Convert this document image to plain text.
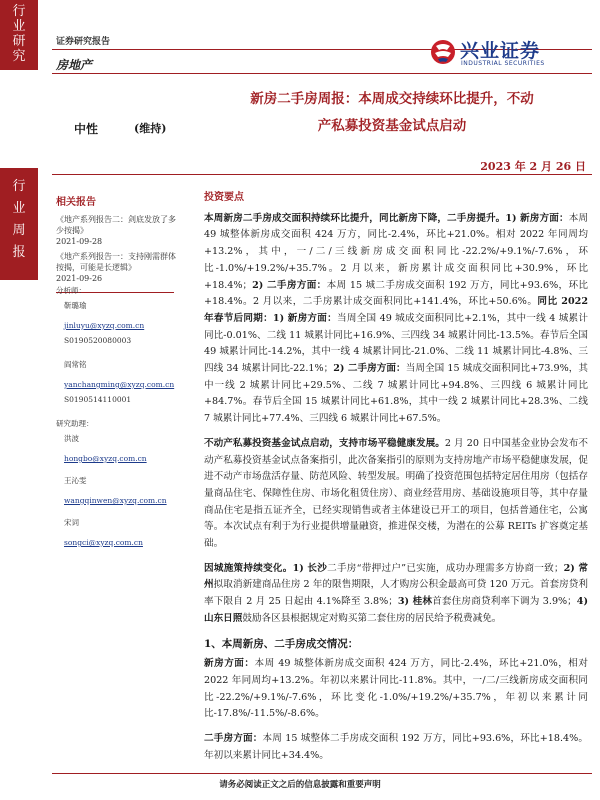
行
业
研
究
行
业
周
报
证券研究报告
房地产
兴业证券
INDUSTRIAL SECURITIES
中性	(维持)
新房二手房周报：本周成交持续环比提升，不动
产私募投资基金试点启动
2023 年 2 月 26 日
相关报告
《地产系列报告二：剑底发放了多少按揭》
2021-09-28
《地产系列报告一：支持刚需群体按揭，可能是长逻辑》
2021-09-26
分析师：
靳璐瑜
jinluyu@xyzq.com.cn
S0190520080003
阎常铭
yanchangming@xyzq.com.cn
S0190514110001
研究助理：
洪波
hongbo@xyzq.com.cn
王沁雯
wangqinwen@xyzq.com.cn
宋词
songci@xyzq.com.cn
投资要点

本周新房二手房成交面积持续环比提升，同比新房下降，二手房提升。1) 新房方面：本周 49 城整体新房成交面积 424 万方，同比-2.4%，环比+21.0%。相对 2022 年同周均+13.2%，其中，一/二/三线新房成交面积同比-22.2%/+9.1%/-7.6%，环比-1.0%/+19.2%/+35.7%。2 月以来，新房累计成交面积同比+30.9%，环比+18.4%；2) 二手房方面：本周 15 城二手房成交面积 192 万方，同比+93.6%，环比+18.4%。2 月以来，二手房累计成交面积同比+141.4%，环比+50.6%。同比 2022 年春节后同期：1) 新房方面：当周全国 49 城成交面积同比+2.1%，其中一线 4 城累计同比-0.01%、二线 11 城累计同比+16.9%、三四线 34 城累计同比-13.5%。春节后全国 49 城累计同比-14.2%，其中一线 4 城累计同比-21.0%、二线 11 城累计同比-4.8%、三四线 34 城累计同比-22.1%；2) 二手房方面：当周全国 15 城成交面积同比+73.9%，其中一线 2 城累计同比+29.5%、二线 7 城累计同比+94.8%、三四线 6 城累计同比+84.7%。春节后全国 15 城累计同比+61.8%，其中一线 2 城累计同比+28.3%、二线 7 城累计同比+77.4%、三四线 6 城累计同比+67.5%。

不动产私募投资基金试点启动，支持市场平稳健康发展。2 月 20 日中国基金业协会发布不动产私募投资基金试点备案指引，此次备案指引的原则为支持房地产市场平稳健康发展，促进不动产市场盘活存量、防范风险、转型发展。明确了投资范围包括特定居住用房（包括存量商品住宅、保障性住房、市场化租赁住房）、商业经营用房、基础设施项目等，其中存量商品住宅是指五证齐全，已经实现销售或者主体建设已开工的项目，包括普通住宅，公寓等。本次试点有利于为行业提供增量融资，推进保交楼，为潜在的公募 REITs 扩容奠定基础。

因城施策持续变化。1) 长沙二手房“带押过户”已实施，成功办理需多方协商一致；2) 常州拟取消新建商品住房 2 年的限售期限，人才购房公积金最高可贷 120 万元。首套房贷利率下限自 2 月 25 日起由 4.1%降至 3.8%；3) 桂林首套住房商贷利率下调为 3.9%；4) 山东日照鼓励各区县根据规定对购买第二套住房的居民给予税费减免。

1、本周新房、二手房成交情况：

新房方面：本周 49 城整体新房成交面积 424 万方，同比-2.4%，环比+21.0%，相对 2022 年同周均+13.2%。年初以来累计同比-11.8%。其中，一/二/三线新房成交面积同比-22.2%/+9.1%/-7.6%，环比变化-1.0%/+19.2%/+35.7%，年初以来累计同比-17.8%/-11.5%/-8.6%。

二手房方面：本周 15 城整体二手房成交面积 192 万方，同比+93.6%，环比+18.4%。年初以来累计同比+34.4%。

请务必阅读正文之后的信息披露和重要声明
